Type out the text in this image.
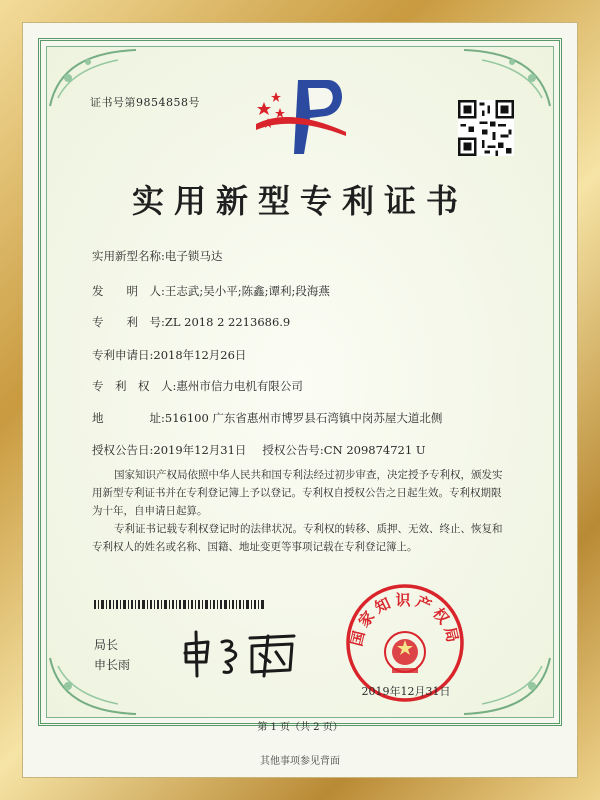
证书号第9854858号
实用新型专利证书
实用新型名称:电子锁马达
发　　明　人:王志武;吴小平;陈鑫;谭利;段海燕
专　　利　号:ZL 2018 2 2213686.9
专利申请日:2018年12月26日
专　利　权　人:惠州市信力电机有限公司
地　　　　址:516100 广东省惠州市博罗县石湾镇中岗苏屋大道北侧
授权公告日:2019年12月31日 授权公告号:CN 209874721 U
国家知识产权局依照中华人民共和国专利法经过初步审查，决定授予专利权，颁发实用新型专利证书并在专利登记簿上予以登记。专利权自授权公告之日起生效。专利权期限为十年，自申请日起算。
专利证书记载专利权登记时的法律状况。专利权的转移、质押、无效、终止、恢复和专利权人的姓名或名称、国籍、地址变更等事项记载在专利登记簿上。
局长
申长雨
国家知识产权局
2019年12月31日
第 1 页（共 2 页）
其他事项参见背面
